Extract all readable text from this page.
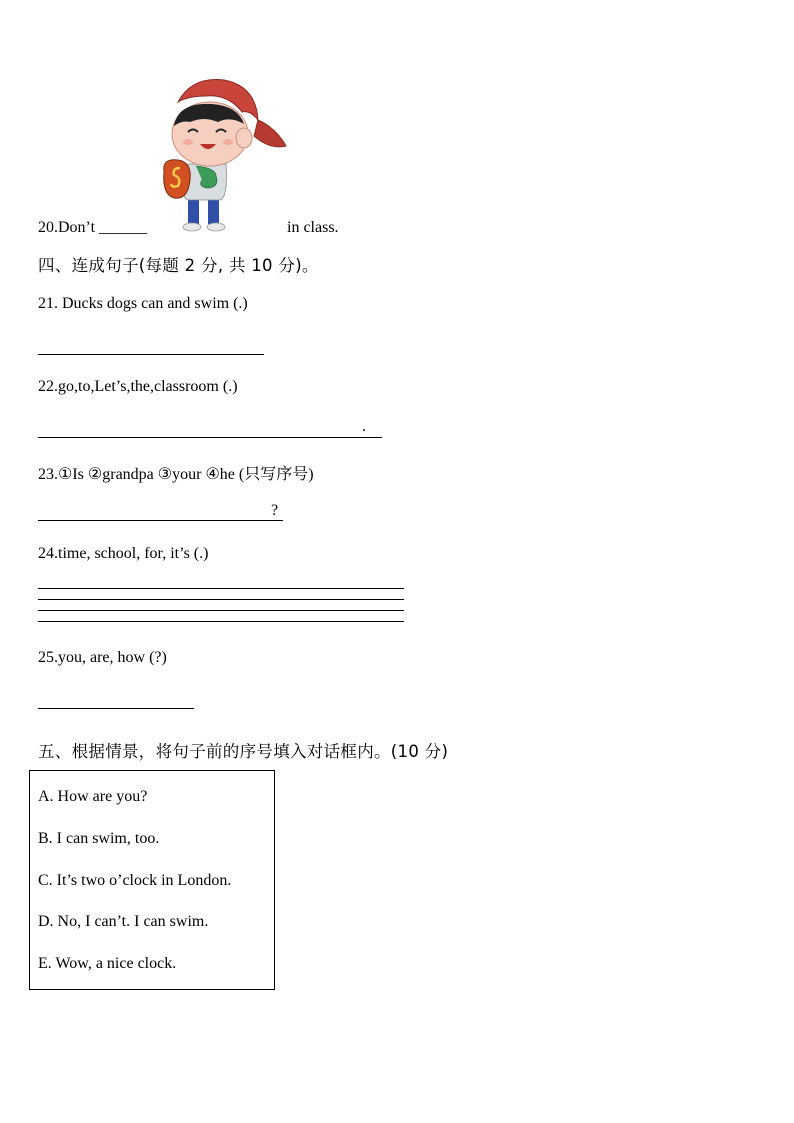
20.Don’t ______	in class.
四、连成句子(每题 2 分, 共 10 分)。
21. Ducks dogs can and swim (.)
22.go,to,Let’s,the,classroom (.)
.
23.①Is ②grandpa ③your ④he (只写序号)
?
24.time, school, for, it’s (.)
25.you, are, how (?)
五、根据情景，将句子前的序号填入对话框内。(10 分)
A. How are you?
B. I can swim, too.
C. It’s two o’clock in London.
D. No, I can’t. I can swim.
E. Wow, a nice clock.
